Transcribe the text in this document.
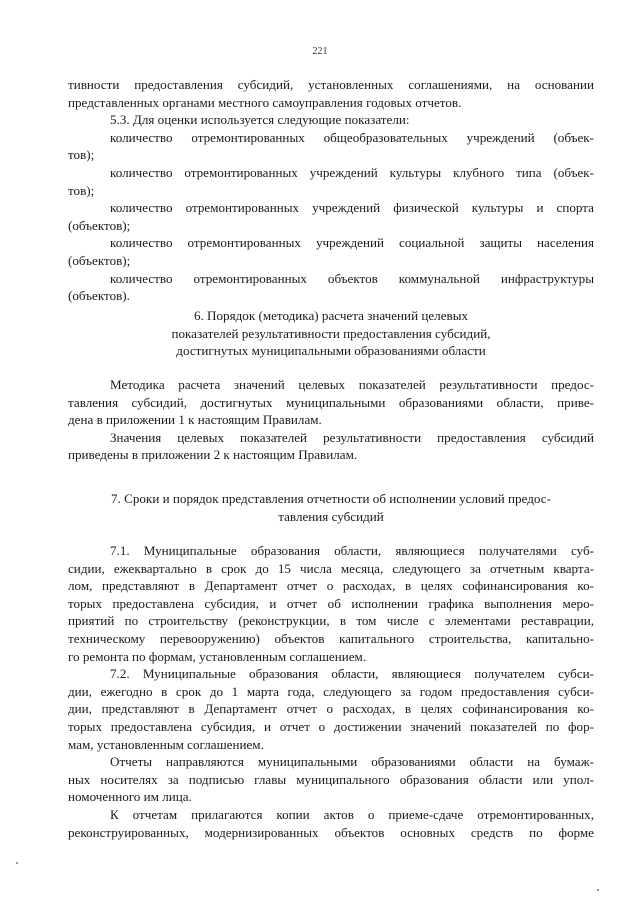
221
тивности предоставления субсидий, установленных соглашениями, на основании
представленных органами местного самоуправления годовых отчетов.
5.3. Для оценки используется следующие показатели:
количество отремонтированных общеобразовательных учреждений (объек-
тов);
количество отремонтированных учреждений культуры клубного типа (объек-
тов);
количество отремонтированных учреждений физической культуры и спорта
(объектов);
количество отремонтированных учреждений социальной защиты населения
(объектов);
количество отремонтированных объектов коммунальной инфраструктуры
(объектов).
6. Порядок (методика) расчета значений целевых
показателей результативности предоставления субсидий,
достигнутых муниципальными образованиями области
Методика расчета значений целевых показателей результативности предос-
тавления субсидий, достигнутых муниципальными образованиями области, приве-
дена в приложении 1 к настоящим Правилам.
Значения целевых показателей результативности предоставления субсидий
приведены в приложении 2 к настоящим Правилам.
7. Сроки и порядок представления отчетности об исполнении условий предос-
тавления субсидий
7.1. Муниципальные образования области, являющиеся получателями суб-
сидии, ежеквартально в срок до 15 числа месяца, следующего за отчетным кварта-
лом, представляют в Департамент отчет о расходах, в целях софинансирования ко-
торых предоставлена субсидия, и отчет об исполнении графика выполнения меро-
приятий по строительству (реконструкции, в том числе с элементами реставрации,
техническому перевооружению) объектов капитального строительства, капитально-
го ремонта по формам, установленным соглашением.
7.2. Муниципальные образования области, являющиеся получателем субси-
дии, ежегодно в срок до 1 марта года, следующего за годом предоставления субси-
дии, представляют в Департамент отчет о расходах, в целях софинансирования ко-
торых предоставлена субсидия, и отчет о достижении значений показателей по фор-
мам, установленным соглашением.
Отчеты направляются муниципальными образованиями области на бумаж-
ных носителях за подписью главы муниципального образования области или упол-
номоченного им лица.
К отчетам прилагаются копии актов о приеме-сдаче отремонтированных,
реконструированных, модернизированных объектов основных средств по форме
